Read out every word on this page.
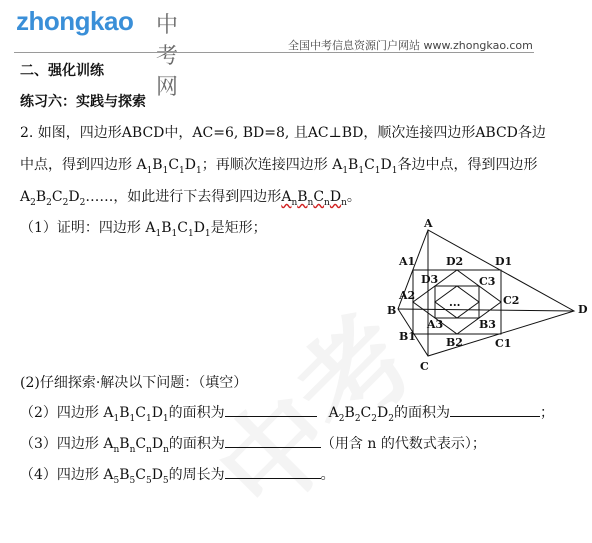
zhongkao 中考网
全国中考信息资源门户网站 www.zhongkao.com
二、强化训练
练习六：实践与探索
2. 如图，四边形ABCD中，AC=6, BD=8, 且AC⊥BD，顺次连接四边形ABCD各边
中点，得到四边形 $A_1B_1C_1D_1$；再顺次连接四边形 $A_1B_1C_1D_1$各边中点，得到四边形
$A_2B_2C_2D_2\dots\dots$，如此进行下去得到四边形$A_nB_nC_nD_n$。
（1）证明：四边形 $A_1B_1C_1D_1$是矩形；
(2)仔细探索·解决以下问题：（填空）
（2）四边形 $A_1B_1C_1D_1$的面积为	$A_2B_2C_2D_2$的面积为	；
（3）四边形 $A_nB_nC_nD_n$的面积为	（用含 n 的代数式表示）；
（4）四边形 $A_5B_5C_5D_5$的周长为	。
A
B
C
D
A1
A2
A3
B1	B2
B3
C1
C2
C3
D1
D2
D3
...
